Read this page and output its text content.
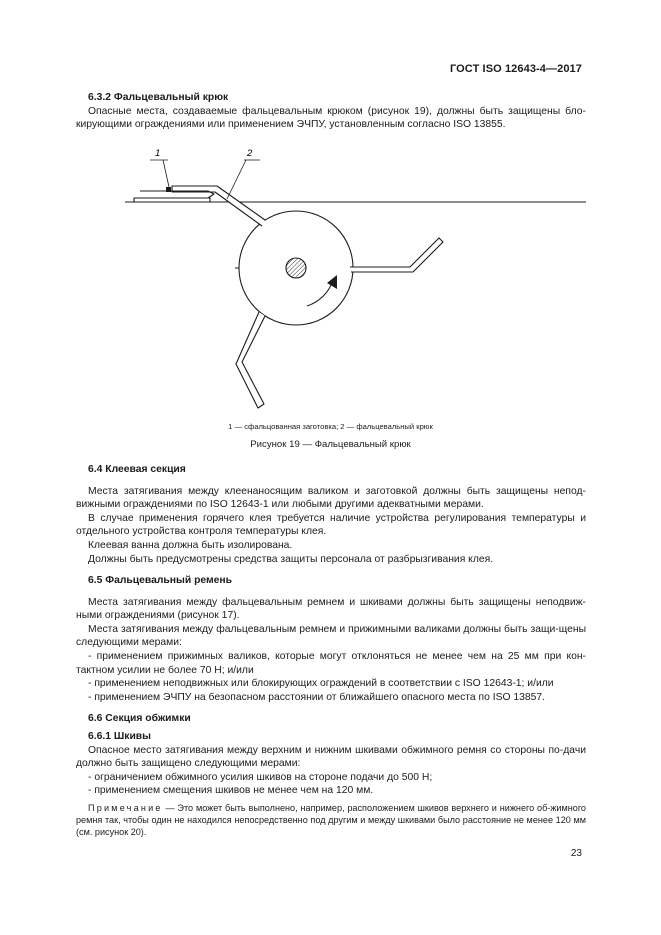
ГОСТ ISO 12643-4—2017

6.3.2 Фальцевальный крюк

Опасные места, создаваемые фальцевальным крюком (рисунок 19), должны быть защищены бло-кирующими ограждениями или применением ЭЧПУ, установленным согласно ISO 13855.

1	2
1 — сфальцованная заготовка; 2 — фальцевальный крюк
Рисунок 19 — Фальцевальный крюк

6.4 Клеевая секция

Места затягивания между клеенаносящим валиком и заготовкой должны быть защищены непод-вижными ограждениями по ISO 12643-1 или любыми другими адекватными мерами.

В случае применения горячего клея требуется наличие устройства регулирования температуры и отдельного устройства контроля температуры клея.

Клеевая ванна должна быть изолирована.

Должны быть предусмотрены средства защиты персонала от разбрызгивания клея.

6.5 Фальцевальный ремень

Места затягивания между фальцевальным ремнем и шкивами должны быть защищены неподвиж-ными ограждениями (рисунок 17).

Места затягивания между фальцевальным ремнем и прижимными валиками должны быть защи-щены следующими мерами:

- применением прижимных валиков, которые могут отклоняться не менее чем на 25 мм при кон-тактном усилии не более 70 Н; и/или

- применением неподвижных или блокирующих ограждений в соответствии с ISO 12643-1; и/или

- применением ЭЧПУ на безопасном расстоянии от ближайшего опасного места по ISO 13857.

6.6 Секция обжимки

6.6.1 Шкивы

Опасное место затягивания между верхним и нижним шкивами обжимного ремня со стороны по-дачи должно быть защищено следующими мерами:

- ограничением обжимного усилия шкивов на стороне подачи до 500 Н;

- применением смещения шкивов не менее чем на 120 мм.

Примечание — Это может быть выполнено, например, расположением шкивов верхнего и нижнего об-жимного ремня так, чтобы один не находился непосредственно под другим и между шкивами было расстояние не менее 120 мм (см. рисунок 20).

23
